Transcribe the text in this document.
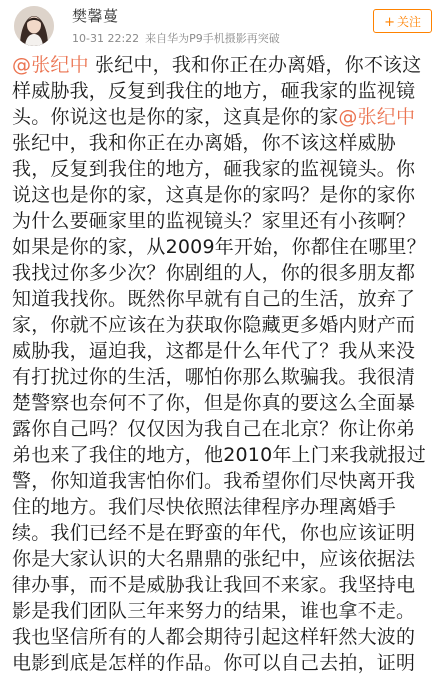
樊馨蔓
10-31 22:22 来自华为P9手机摄影再突破
+ 关注
@张纪中 张纪中，我和你正在办离婚，你不该这样威胁我，反复到我住的地方，砸我家的监视镜头。你说这也是你的家，这真是你的家@张纪中张纪中，我和你正在办离婚，你不该这样威胁我，反复到我住的地方，砸我家的监视镜头。你说这也是你的家，这真是你的家吗？是你的家你为什么要砸家里的监视镜头？家里还有小孩啊？如果是你的家，从2009年开始，你都住在哪里？我找过你多少次？你剧组的人，你的很多朋友都知道我找你。既然你早就有自己的生活，放弃了家，你就不应该在为获取你隐藏更多婚内财产而威胁我，逼迫我，这都是什么年代了？我从来没有打扰过你的生活，哪怕你那么欺骗我。我很清楚警察也奈何不了你，但是你真的要这么全面暴露你自己吗？仅仅因为我自己在北京？你让你弟弟也来了我住的地方，他2010年上门来我就报过警，你知道我害怕你们。我希望你们尽快离开我住的地方。我们尽快依照法律程序办理离婚手续。我们已经不是在野蛮的年代，你也应该证明你是大家认识的大名鼎鼎的张纪中，应该依据法律办事，而不是威胁我让我回不来家。我坚持电影是我们团队三年来努力的结果，谁也拿不走。我也坚信所有的人都会期待引起这样轩然大波的电影到底是怎样的作品。你可以自己去拍，证明
